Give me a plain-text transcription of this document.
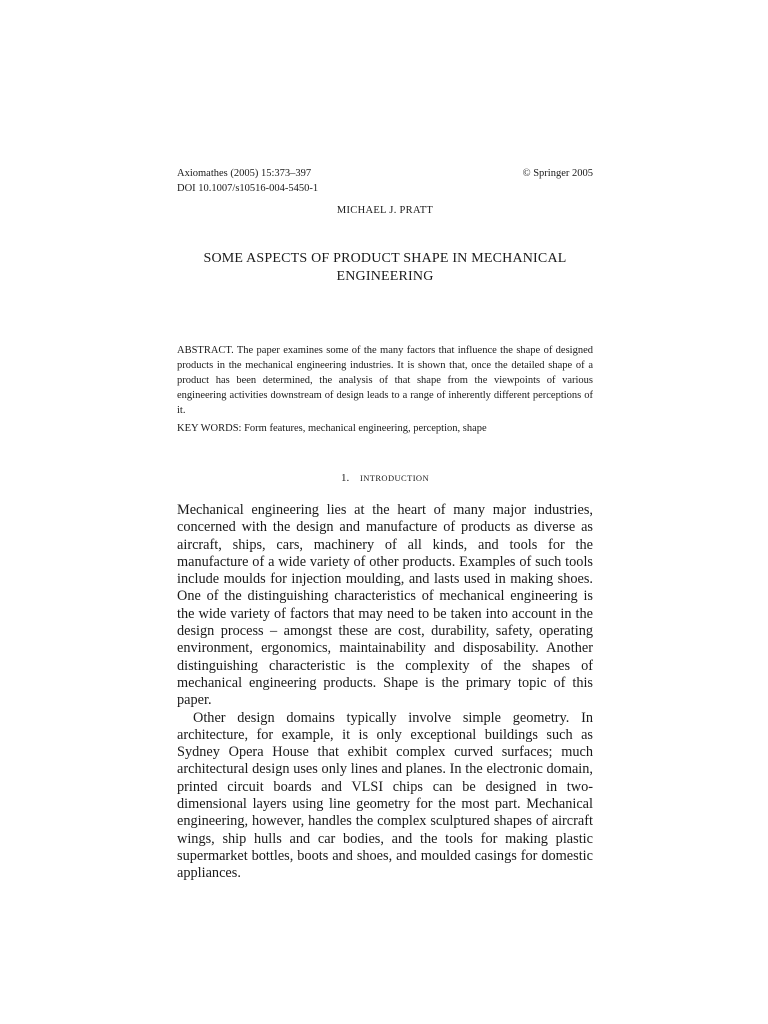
Axiomathes (2005) 15:373–397	© Springer 2005
DOI 10.1007/s10516-004-5450-1
MICHAEL J. PRATT
SOME ASPECTS OF PRODUCT SHAPE IN MECHANICAL
ENGINEERING
ABSTRACT. The paper examines some of the many factors that influence the shape of designed products in the mechanical engineering industries. It is shown that, once the detailed shape of a product has been determined, the analysis of that shape from the viewpoints of various engineering activities downstream of design leads to a range of inherently different perceptions of it.
KEY WORDS: Form features, mechanical engineering, perception, shape
1. INTRODUCTION

Mechanical engineering lies at the heart of many major industries, concerned with the design and manufacture of products as diverse as aircraft, ships, cars, machinery of all kinds, and tools for the manufacture of a wide variety of other products. Examples of such tools include moulds for injection moulding, and lasts used in making shoes. One of the distinguishing characteristics of mechanical engineering is the wide variety of factors that may need to be taken into account in the design process – amongst these are cost, durability, safety, operating environment, ergonomics, maintainability and disposability. Another distinguishing characteristic is the complexity of the shapes of mechanical engineering products. Shape is the primary topic of this paper.

Other design domains typically involve simple geometry. In architecture, for example, it is only exceptional buildings such as Sydney Opera House that exhibit complex curved surfaces; much architectural design uses only lines and planes. In the electronic domain, printed circuit boards and VLSI chips can be designed in two-dimensional layers using line geometry for the most part. Mechanical engineering, however, handles the complex sculptured shapes of aircraft wings, ship hulls and car bodies, and the tools for making plastic supermarket bottles, boots and shoes, and moulded casings for domestic appliances.
